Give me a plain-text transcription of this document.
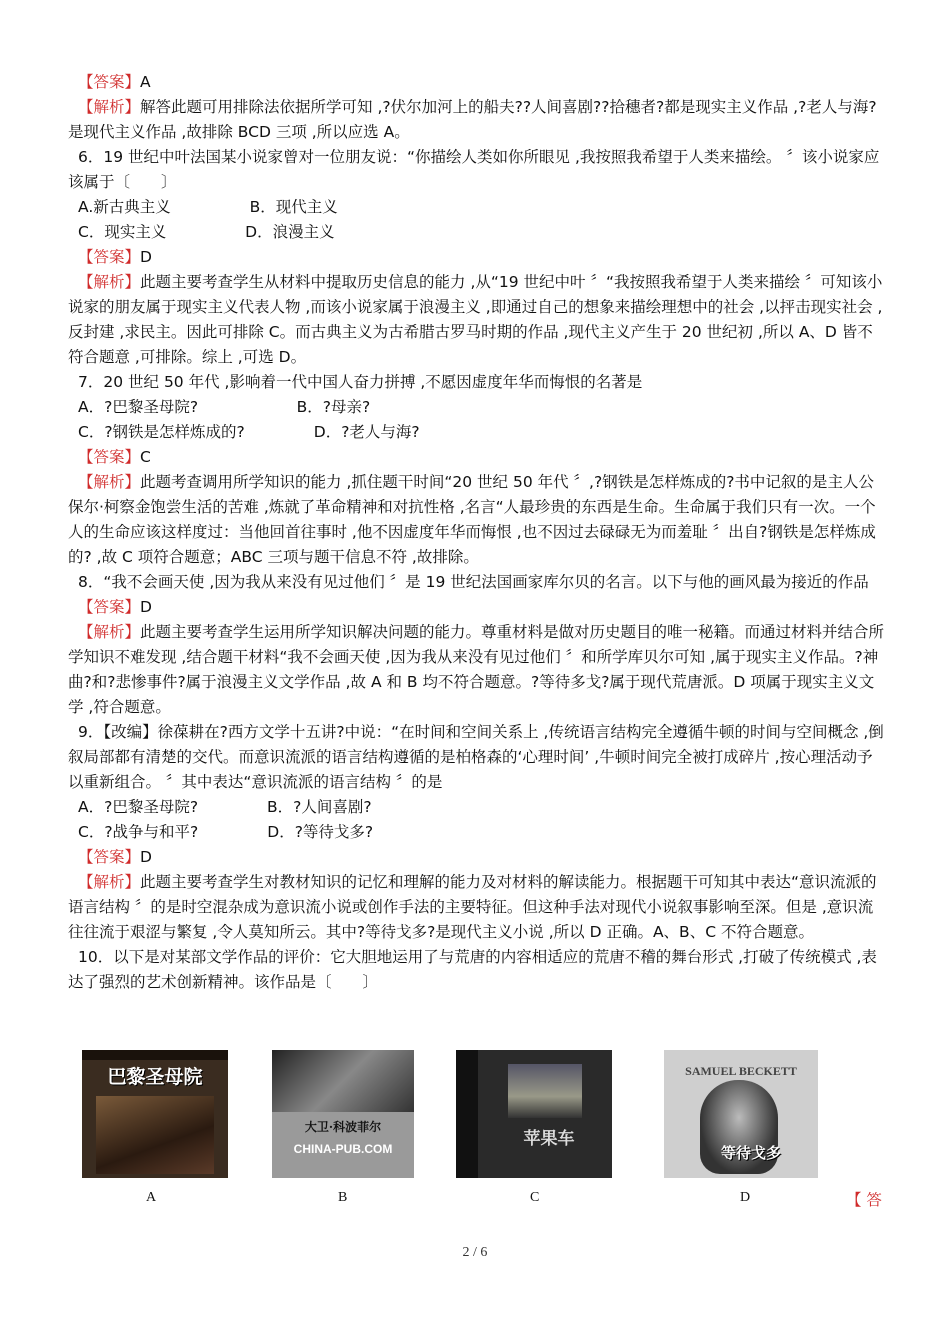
【答案】A

【解析】解答此题可用排除法依据所学可知 ,?伏尔加河上的船夫??人间喜剧??拾穗者?都是现实主义作品 ,?老人与海?是现代主义作品 ,故排除 BCD 三项 ,所以应选 A。

6．19 世纪中叶法国某小说家曾对一位朋友说：“你描绘人类如你所眼见 ,我按照我希望于人类来描绘。 〞该小说家应该属于〔　　〕

A.新古典主义                B．现代主义

C．现实主义                D．浪漫主义

【答案】D

【解析】此题主要考查学生从材料中提取历史信息的能力 ,从“19 世纪中叶 〞“我按照我希望于人类来描绘 〞可知该小说家的朋友属于现实主义代表人物 ,而该小说家属于浪漫主义 ,即通过自己的想象来描绘理想中的社会 ,以抨击现实社会 ,反封建 ,求民主。因此可排除 C。而古典主义为古希腊古罗马时期的作品 ,现代主义产生于 20 世纪初 ,所以 A、D 皆不符合题意 ,可排除。综上 ,可选 D。

7．20 世纪 50 年代 ,影响着一代中国人奋力拼搏 ,不愿因虚度年华而悔恨的名著是

A．?巴黎圣母院?                    B．?母亲?

C．?钢铁是怎样炼成的?              D．?老人与海?

【答案】C

【解析】此题考查调用所学知识的能力 ,抓住题干时间“20 世纪 50 年代 〞,?钢铁是怎样炼成的?书中记叙的是主人公保尔·柯察金饱尝生活的苦难 ,炼就了革命精神和对抗性格 ,名言“人最珍贵的东西是生命。生命属于我们只有一次。一个人的生命应该这样度过：当他回首往事时 ,他不因虚度年华而悔恨 ,也不因过去碌碌无为而羞耻 〞出自?钢铁是怎样炼成的? ,故 C 项符合题意；ABC 三项与题干信息不符 ,故排除。

8．“我不会画天使 ,因为我从来没有见过他们 〞是 19 世纪法国画家库尔贝的名言。以下与他的画风最为接近的作品

【答案】D

【解析】此题主要考查学生运用所学知识解决问题的能力。尊重材料是做对历史题目的唯一秘籍。而通过材料并结合所学知识不难发现 ,结合题干材料“我不会画天使 ,因为我从来没有见过他们 〞和所学库贝尔可知 ,属于现实主义作品。?神曲?和?悲惨事件?属于浪漫主义文学作品 ,故 A 和 B 均不符合题意。?等待多戈?属于现代荒唐派。D 项属于现实主义文学 ,符合题意。

9．【改编】徐葆耕在?西方文学十五讲?中说：“在时间和空间关系上 ,传统语言结构完全遵循牛顿的时间与空间概念 ,倒叙局部都有清楚的交代。而意识流派的语言结构遵循的是柏格森的‘心理时间’ ,牛顿时间完全被打成碎片 ,按心理活动予以重新组合。 〞其中表达“意识流派的语言结构 〞的是

A．?巴黎圣母院?              B．?人间喜剧?

C．?战争与和平?              D．?等待戈多?

【答案】D

【解析】此题主要考查学生对教材知识的记忆和理解的能力及对材料的解读能力。根据题干可知其中表达“意识流派的语言结构 〞的是时空混杂成为意识流小说或创作手法的主要特征。但这种手法对现代小说叙事影响至深。但是 ,意识流往往流于艰涩与繁复 ,令人莫知所云。其中?等待戈多?是现代主义小说 ,所以 D 正确。A、B、C 不符合题意。

10．以下是对某部文学作品的评价：它大胆地运用了与荒唐的内容相适应的荒唐不稽的舞台形式 ,打破了传统模式 ,表达了强烈的艺术创新精神。该作品是〔　　〕

巴黎圣母院
A
大卫·科波菲尔
CHINA-PUB.COM
B
苹果车
C
SAMUEL BECKETT
等待戈多
D	【 答
2 / 6
